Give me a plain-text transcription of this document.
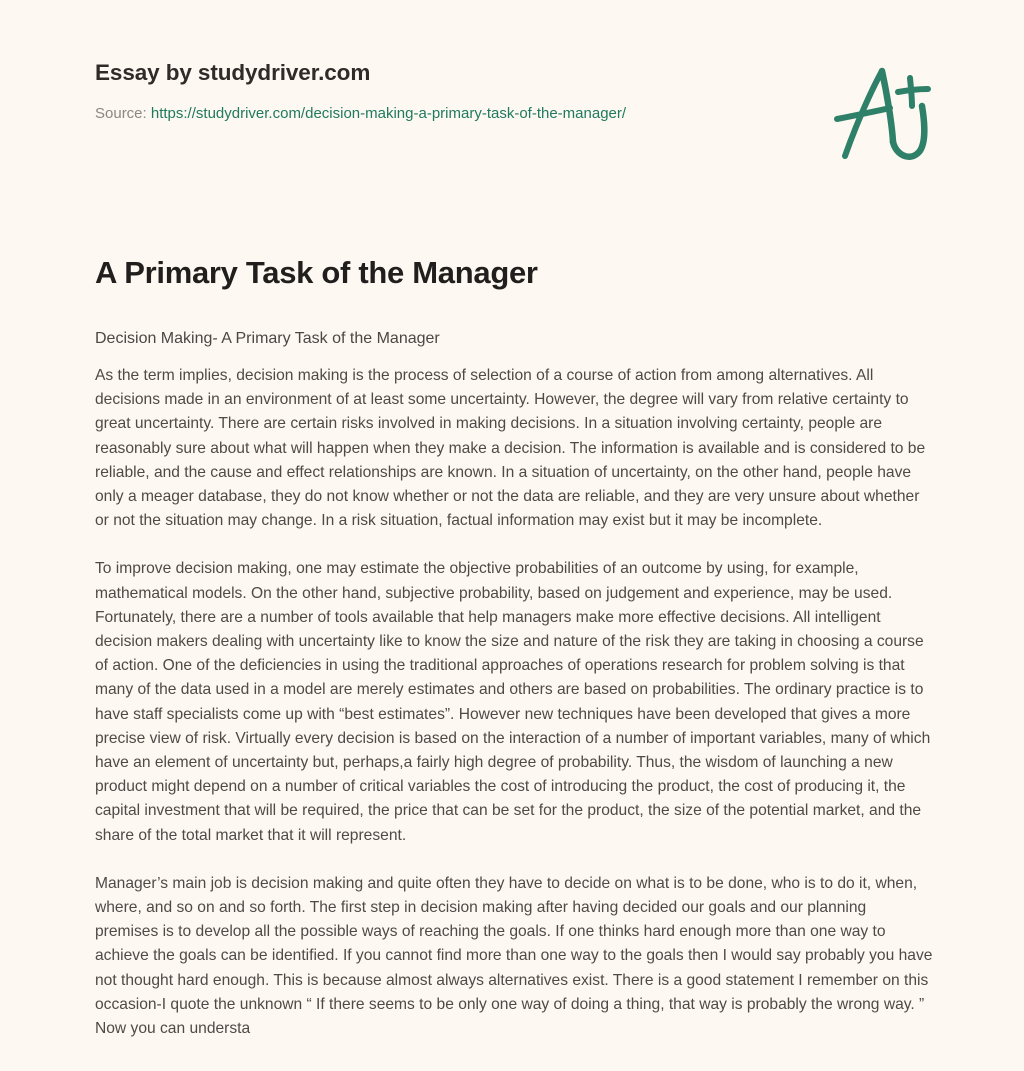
Essay by studydriver.com
Source: https://studydriver.com/decision-making-a-primary-task-of-the-manager/
A Primary Task of the Manager

Decision Making- A Primary Task of the Manager

As the term implies, decision making is the process of selection of a course of action from among alternatives. All decisions made in an environment of at least some uncertainty. However, the degree will vary from relative certainty to great uncertainty. There are certain risks involved in making decisions. In a situation involving certainty, people are reasonably sure about what will happen when they make a decision. The information is available and is considered to be reliable, and the cause and effect relationships are known. In a situation of uncertainty, on the other hand, people have only a meager database, they do not know whether or not the data are reliable, and they are very unsure about whether or not the situation may change. In a risk situation, factual information may exist but it may be incomplete.

To improve decision making, one may estimate the objective probabilities of an outcome by using, for example, mathematical models. On the other hand, subjective probability, based on judgement and experience, may be used. Fortunately, there are a number of tools available that help managers make more effective decisions. All intelligent decision makers dealing with uncertainty like to know the size and nature of the risk they are taking in choosing a course of action. One of the deficiencies in using the traditional approaches of operations research for problem solving is that many of the data used in a model are merely estimates and others are based on probabilities. The ordinary practice is to have staff specialists come up with “best estimates”. However new techniques have been developed that gives a more precise view of risk. Virtually every decision is based on the interaction of a number of important variables, many of which have an element of uncertainty but, perhaps,a fairly high degree of probability. Thus, the wisdom of launching a new product might depend on a number of critical variables the cost of introducing the product, the cost of producing it, the capital investment that will be required, the price that can be set for the product, the size of the potential market, and the share of the total market that it will represent.

Manager’s main job is decision making and quite often they have to decide on what is to be done, who is to do it, when, where, and so on and so forth. The first step in decision making after having decided our goals and our planning premises is to develop all the possible ways of reaching the goals. If one thinks hard enough more than one way to achieve the goals can be identified. If you cannot find more than one way to the goals then I would say probably you have not thought hard enough. This is because almost always alternatives exist. There is a good statement I remember on this occasion-I quote the unknown “ If there seems to be only one way of doing a thing, that way is probably the wrong way. ” Now you can understa
